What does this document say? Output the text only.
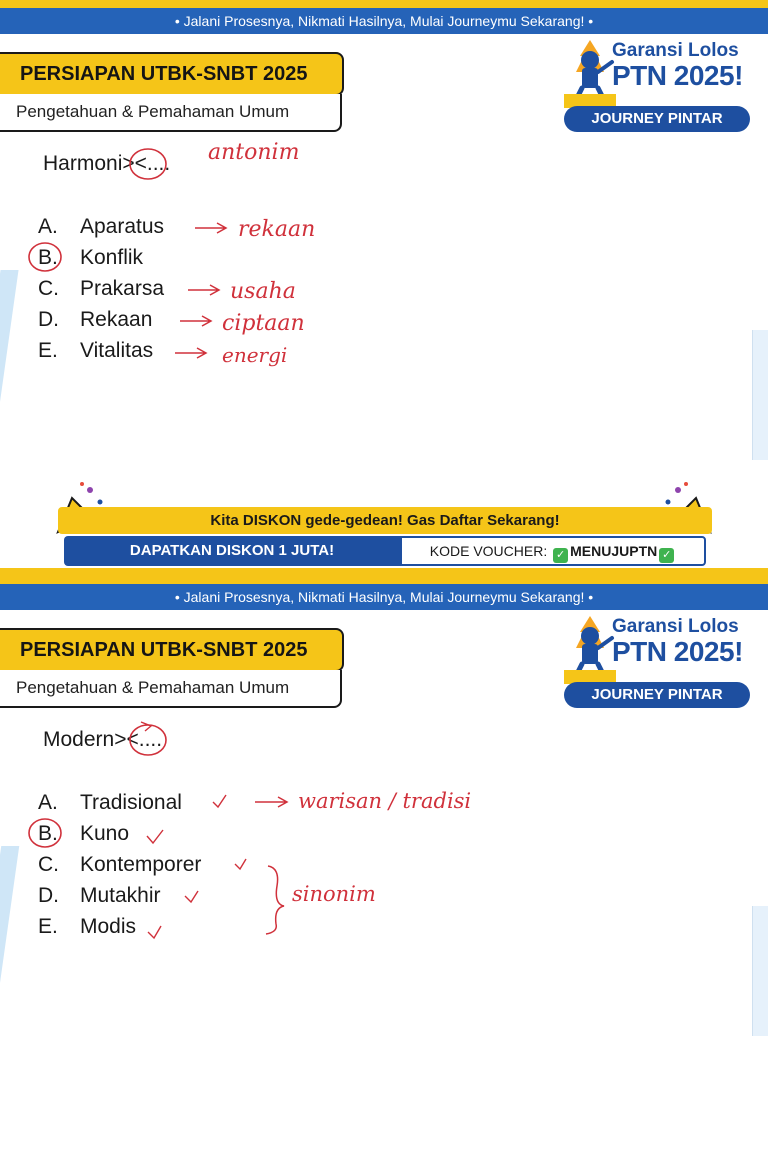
• Jalani Prosesnya, Nikmati Hasilnya, Mulai Journeymu Sekarang! •
PERSIAPAN UTBK-SNBT 2025
Pengetahuan & Pemahaman Umum
Garansi Lolos
PTN 2025!
JOURNEY PINTAR
Harmoni><....
A. Aparatus
B. Konflik
C. Prakarsa
D. Rekaan
E. Vitalitas
antonim
rekaan
usaha
ciptaan
energi
Kita DISKON gede-gedean! Gas Daftar Sekarang!
DAPATKAN DISKON 1 JUTA!	KODE VOUCHER: ✓ MENUJUPTN ✓
• Jalani Prosesnya, Nikmati Hasilnya, Mulai Journeymu Sekarang! •
PERSIAPAN UTBK-SNBT 2025
Pengetahuan & Pemahaman Umum
Garansi Lolos
PTN 2025!
JOURNEY PINTAR
Modern><....
A. Tradisional
B. Kuno
C. Kontemporer
D. Mutakhir
E. Modis
warisan / tradisi
sinonim
